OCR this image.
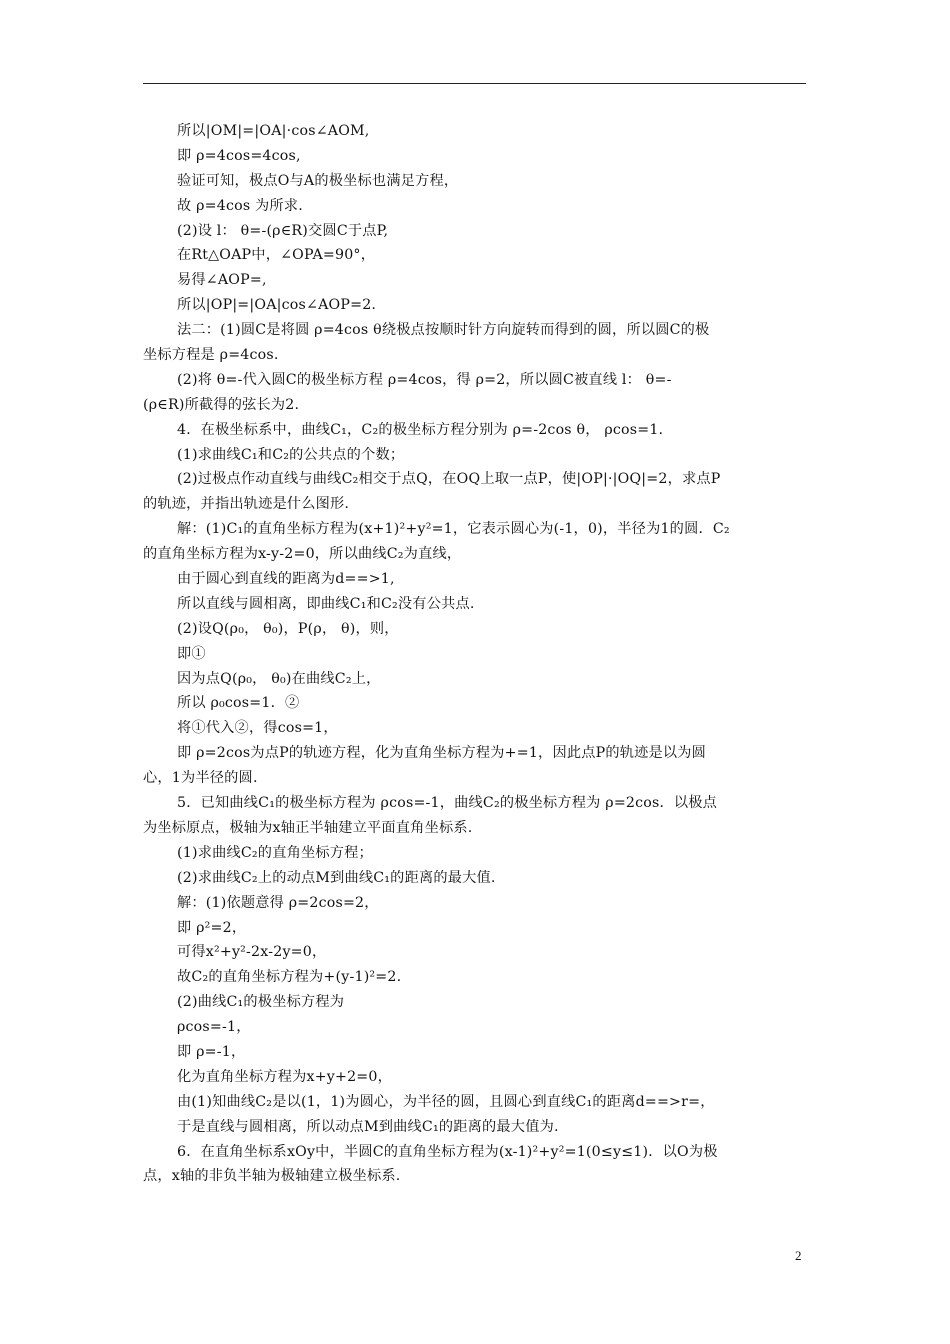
所以|OM|=|OA|·cos∠AOM,
即 ρ=4cos=4cos,
验证可知，极点O与A的极坐标也满足方程，
故 ρ=4cos 为所求.
(2)设 l： θ=-(ρ∈R)交圆C于点P,
在Rt△OAP中，∠OPA=90°，
易得∠AOP=,
所以|OP|=|OA|cos∠AOP=2.
法二：(1)圆C是将圆 ρ=4cos θ绕极点按顺时针方向旋转而得到的圆，所以圆C的极
坐标方程是 ρ=4cos.
(2)将 θ=-代入圆C的极坐标方程 ρ=4cos，得 ρ=2，所以圆C被直线 l： θ=-
(ρ∈R)所截得的弦长为2.
4．在极坐标系中，曲线C₁，C₂的极坐标方程分别为 ρ=-2cos θ， ρcos=1.
(1)求曲线C₁和C₂的公共点的个数；
(2)过极点作动直线与曲线C₂相交于点Q，在OQ上取一点P，使|OP|·|OQ|=2，求点P
的轨迹，并指出轨迹是什么图形.
解：(1)C₁的直角坐标方程为(x+1)²+y²=1，它表示圆心为(-1，0)，半径为1的圆．C₂
的直角坐标方程为x-y-2=0，所以曲线C₂为直线，
由于圆心到直线的距离为d==>1,
所以直线与圆相离，即曲线C₁和C₂没有公共点.
(2)设Q(ρ₀， θ₀)，P(ρ， θ)，则，
即①
因为点Q(ρ₀， θ₀)在曲线C₂上，
所以 ρ₀cos=1．②
将①代入②，得cos=1，
即 ρ=2cos为点P的轨迹方程，化为直角坐标方程为+=1，因此点P的轨迹是以为圆
心，1为半径的圆.
5．已知曲线C₁的极坐标方程为 ρcos=-1，曲线C₂的极坐标方程为 ρ=2cos．以极点
为坐标原点，极轴为x轴正半轴建立平面直角坐标系.
(1)求曲线C₂的直角坐标方程；
(2)求曲线C₂上的动点M到曲线C₁的距离的最大值.
解：(1)依题意得 ρ=2cos=2，
即 ρ²=2，
可得x²+y²-2x-2y=0，
故C₂的直角坐标方程为+(y-1)²=2.
(2)曲线C₁的极坐标方程为
ρcos=-1，
即 ρ=-1，
化为直角坐标方程为x+y+2=0，
由(1)知曲线C₂是以(1，1)为圆心，为半径的圆，且圆心到直线C₁的距离d==>r=，
于是直线与圆相离，所以动点M到曲线C₁的距离的最大值为.
6．在直角坐标系xOy中，半圆C的直角坐标方程为(x-1)²+y²=1(0≤y≤1)．以O为极
点，x轴的非负半轴为极轴建立极坐标系.
2
